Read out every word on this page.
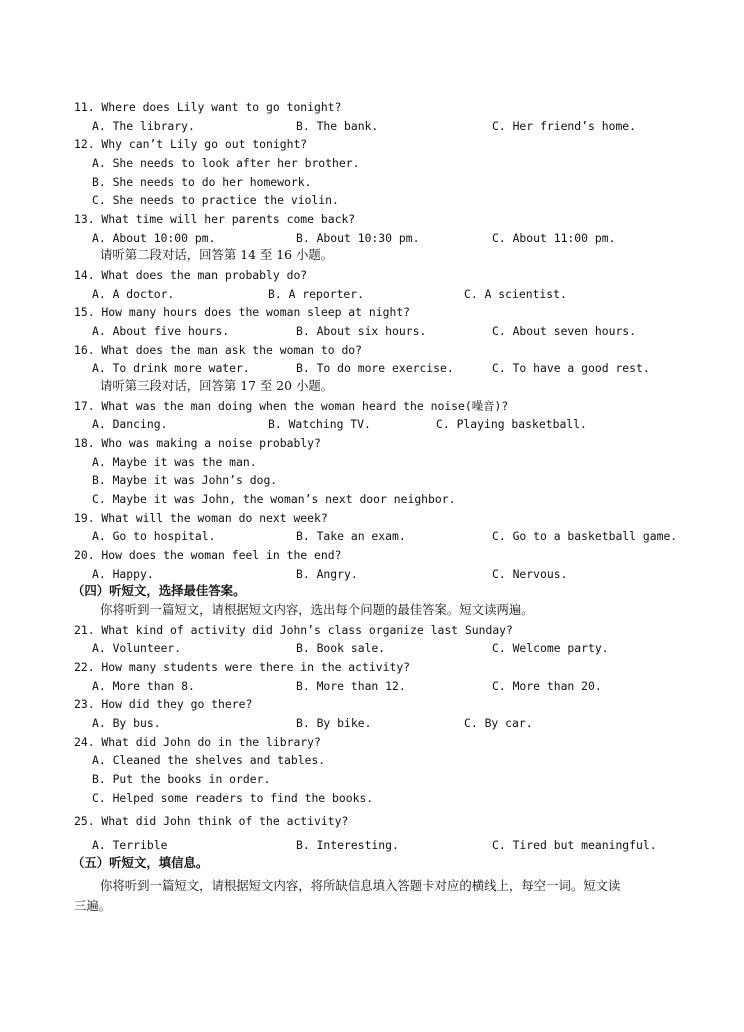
11. Where does Lily want to go tonight?
A. The library.	B. The bank.	C. Her friend’s home.
12. Why can’t Lily go out tonight?
A. She needs to look after her brother.
B. She needs to do her homework.
C. She needs to practice the violin.
13. What time will her parents come back?
A. About 10:00 pm.	B. About 10:30 pm.	C. About 11:00 pm.
请听第二段对话，回答第 14 至 16 小题。
14. What does the man probably do?
A. A doctor.	B. A reporter.	C. A scientist.
15. How many hours does the woman sleep at night?
A. About five hours.	B. About six hours.	C. About seven hours.
16. What does the man ask the woman to do?
A. To drink more water.	B. To do more exercise.	C. To have a good rest.
请听第三段对话，回答第 17 至 20 小题。
17. What was the man doing when the woman heard the noise(噪音)?
A. Dancing.	B. Watching TV.	C. Playing basketball.
18. Who was making a noise probably?
A. Maybe it was the man.
B. Maybe it was John’s dog.
C. Maybe it was John, the woman’s next door neighbor.
19. What will the woman do next week?
A. Go to hospital.	B. Take an exam.	C. Go to a basketball game.
20. How does the woman feel in the end?
A. Happy.	B. Angry.	C. Nervous.
（四）听短文，选择最佳答案。
你将听到一篇短文，请根据短文内容，选出每个问题的最佳答案。短文读两遍。
21. What kind of activity did John’s class organize last Sunday?
A. Volunteer.	B. Book sale.	C. Welcome party.
22. How many students were there in the activity?
A. More than 8.	B. More than 12.	C. More than 20.
23. How did they go there?
A. By bus.	B. By bike.	C. By car.
24. What did John do in the library?
A. Cleaned the shelves and tables.
B. Put the books in order.
C. Helped some readers to find the books.
25. What did John think of the activity?
A. Terrible	B. Interesting.	C. Tired but meaningful.
（五）听短文，填信息。
你将听到一篇短文，请根据短文内容，将所缺信息填入答题卡对应的横线上，每空一词。短文读
三遍。
